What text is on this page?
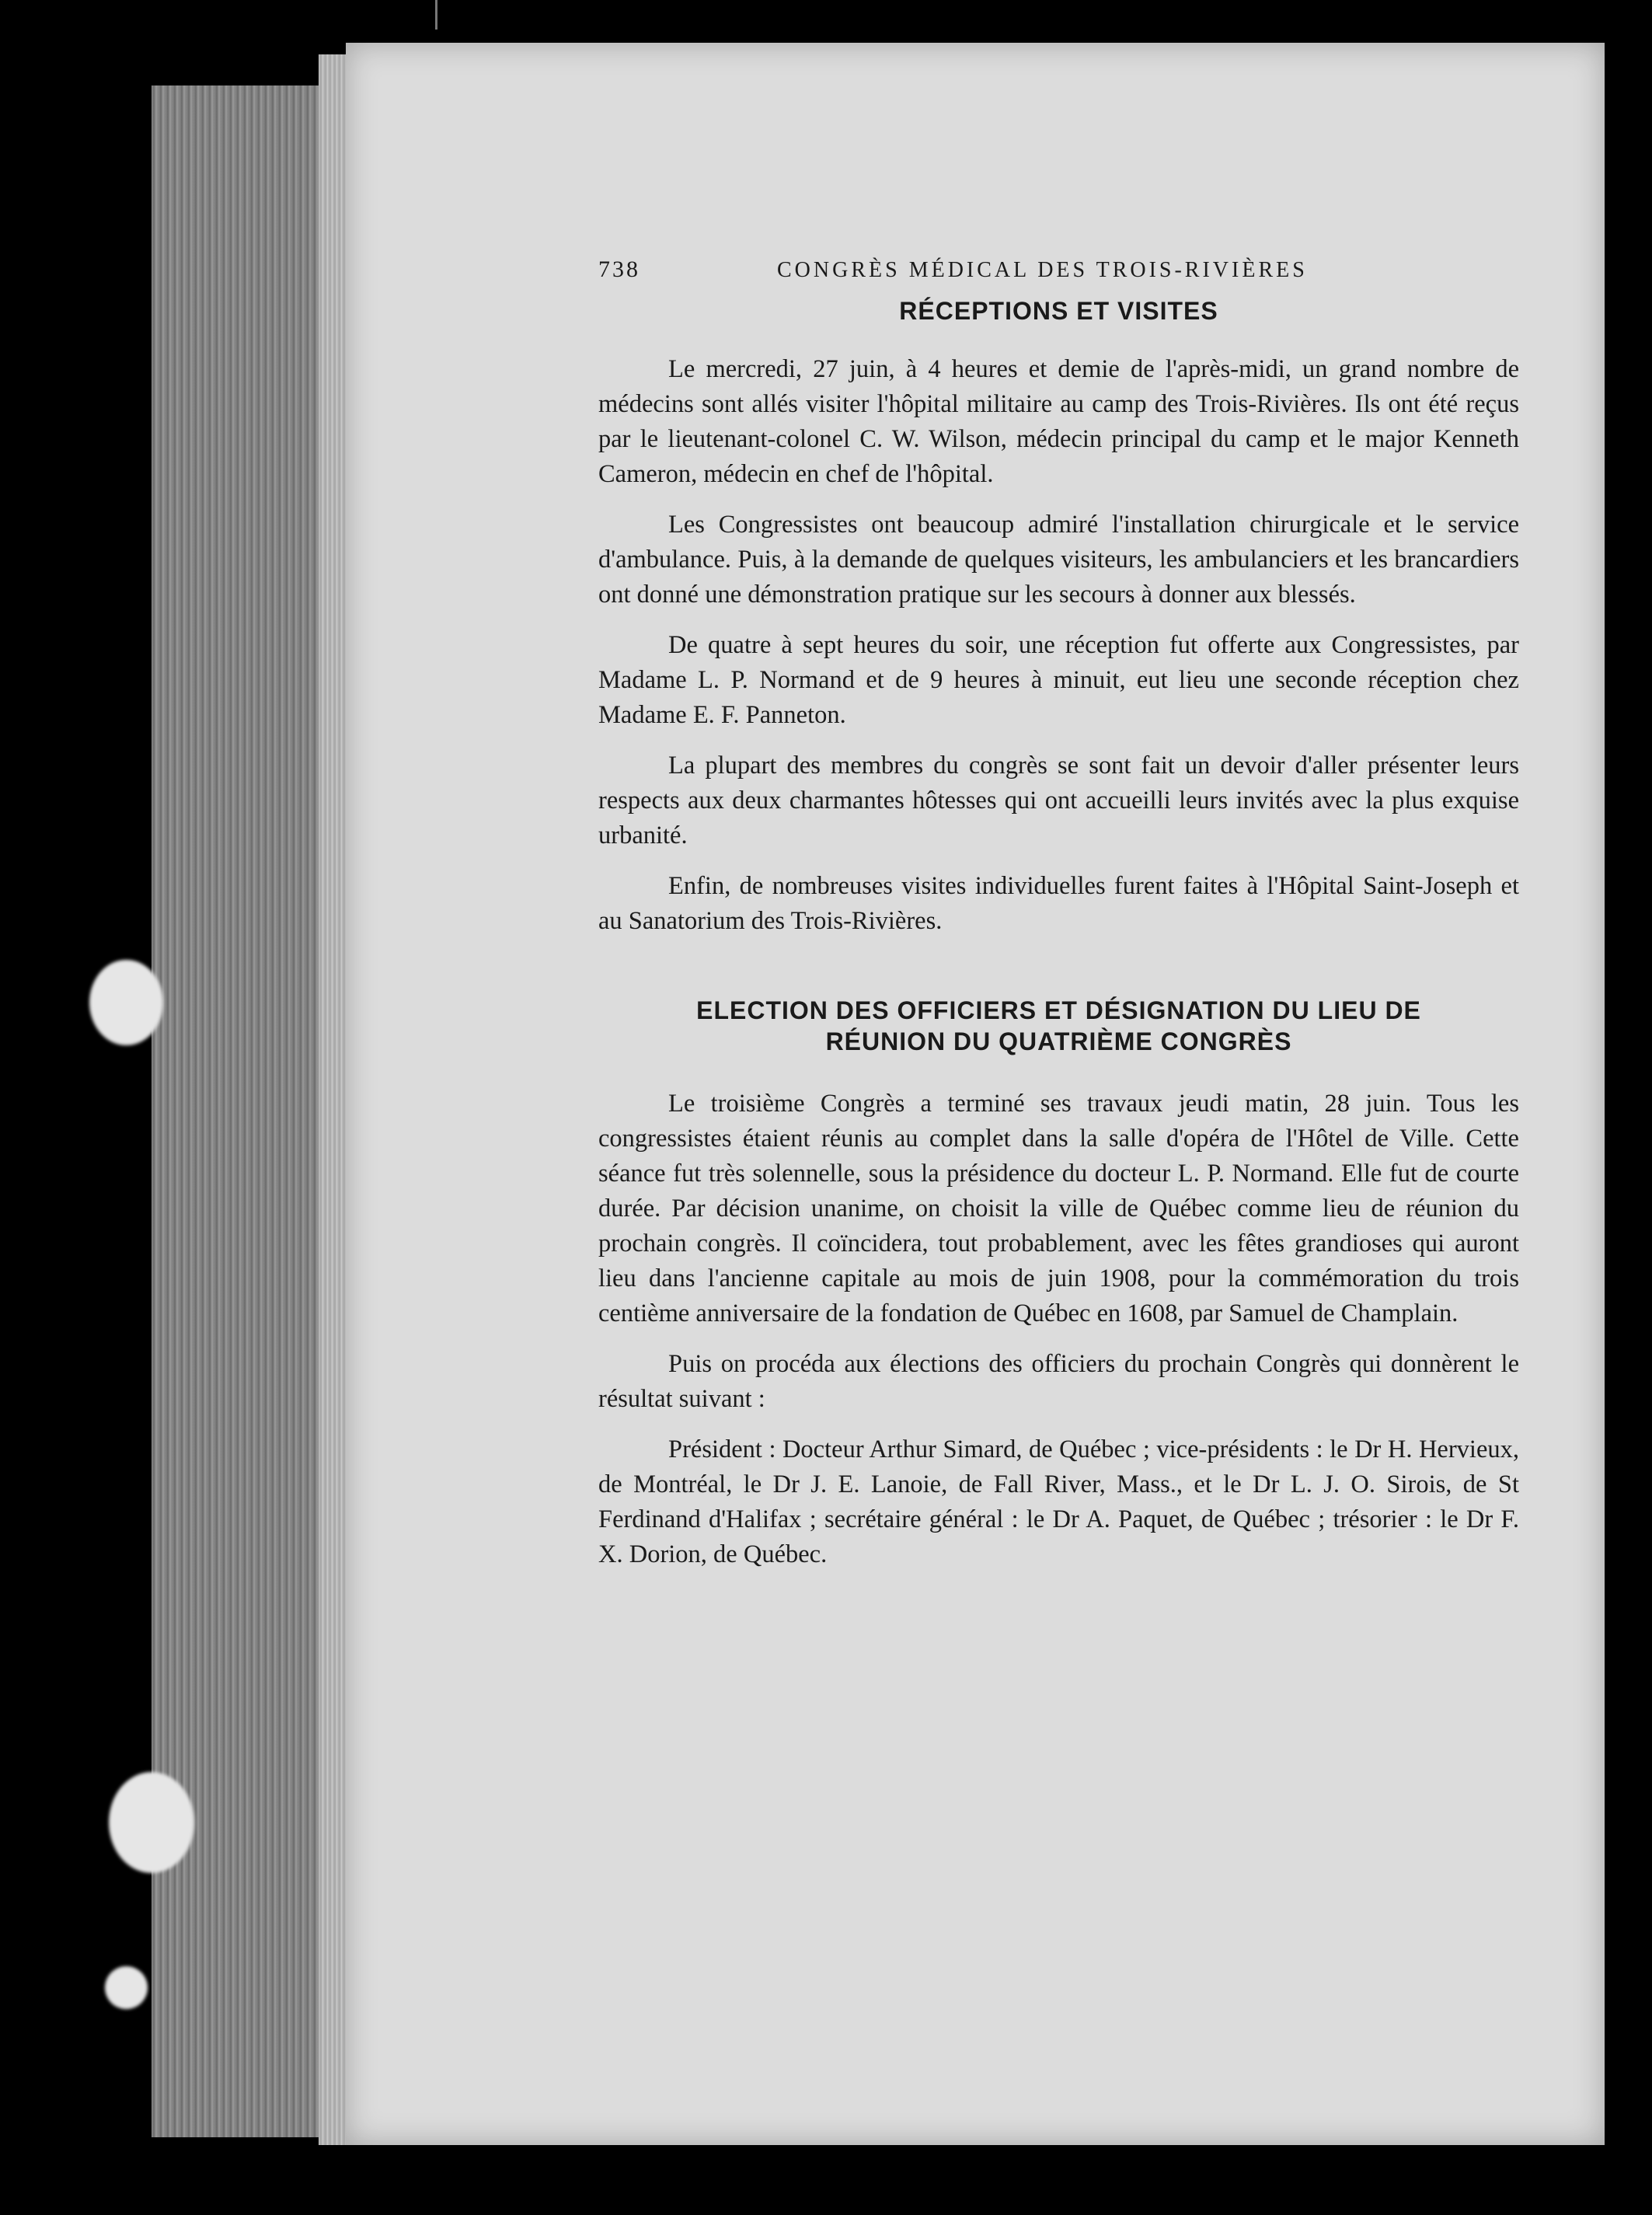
738	CONGRÈS MÉDICAL DES TROIS-RIVIÈRES
RÉCEPTIONS ET VISITES

Le mercredi, 27 juin, à 4 heures et demie de l'après-midi, un grand nombre de médecins sont allés visiter l'hôpital militaire au camp des Trois-Rivières. Ils ont été reçus par le lieutenant-colonel C. W. Wilson, médecin principal du camp et le major Kenneth Cameron, médecin en chef de l'hôpital.

Les Congressistes ont beaucoup admiré l'installation chirurgicale et le service d'ambulance. Puis, à la demande de quelques visiteurs, les ambulanciers et les brancardiers ont donné une démonstration pratique sur les secours à donner aux blessés.

De quatre à sept heures du soir, une réception fut offerte aux Congressistes, par Madame L. P. Normand et de 9 heures à minuit, eut lieu une seconde réception chez Madame E. F. Panneton.

La plupart des membres du congrès se sont fait un devoir d'aller présenter leurs respects aux deux charmantes hôtesses qui ont accueilli leurs invités avec la plus exquise urbanité.

Enfin, de nombreuses visites individuelles furent faites à l'Hôpital Saint-Joseph et au Sanatorium des Trois-Rivières.

ELECTION DES OFFICIERS ET DÉSIGNATION DU LIEU DE
RÉUNION DU QUATRIÈME CONGRÈS

Le troisième Congrès a terminé ses travaux jeudi matin, 28 juin. Tous les congressistes étaient réunis au complet dans la salle d'opéra de l'Hôtel de Ville. Cette séance fut très solennelle, sous la présidence du docteur L. P. Normand. Elle fut de courte durée. Par décision unanime, on choisit la ville de Québec comme lieu de réunion du prochain congrès. Il coïncidera, tout probablement, avec les fêtes grandioses qui auront lieu dans l'ancienne capitale au mois de juin 1908, pour la commémoration du trois centième anniversaire de la fondation de Québec en 1608, par Samuel de Champlain.

Puis on procéda aux élections des officiers du prochain Congrès qui donnèrent le résultat suivant :

Président : Docteur Arthur Simard, de Québec ; vice-présidents : le Dr H. Hervieux, de Montréal, le Dr J. E. Lanoie, de Fall River, Mass., et le Dr L. J. O. Sirois, de St Ferdinand d'Halifax ; secrétaire général : le Dr A. Paquet, de Québec ; trésorier : le Dr F. X. Dorion, de Québec.
